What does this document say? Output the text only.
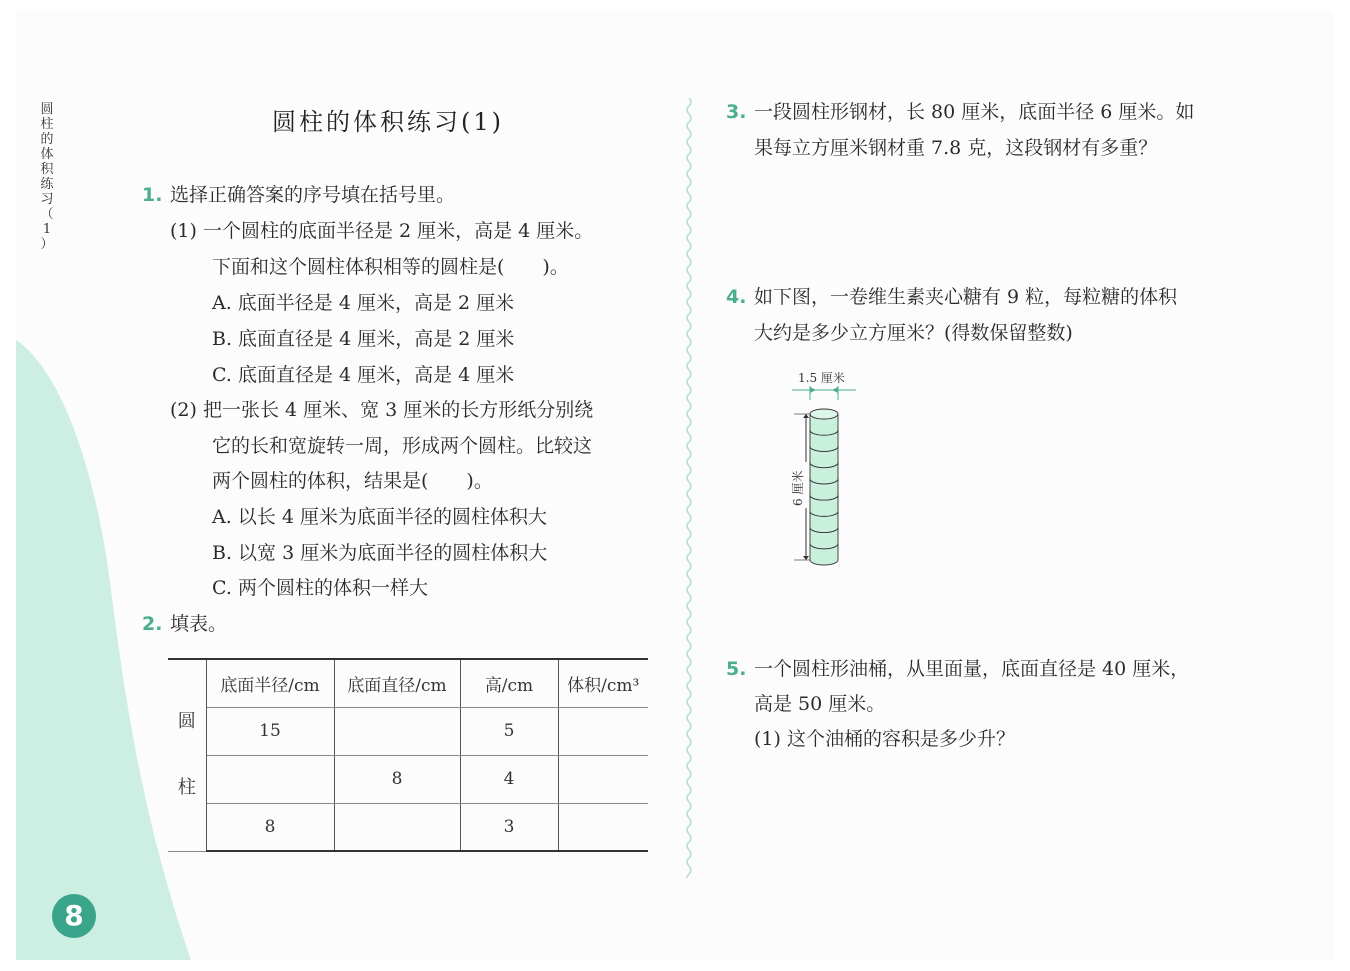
圆
柱
的
体
积
练
习
（
1
）
8
圆柱的体积练习(1)
1. 选择正确答案的序号填在括号里。
(1) 一个圆柱的底面半径是 2 厘米，高是 4 厘米。
下面和这个圆柱体积相等的圆柱是(　　)。
A. 底面半径是 4 厘米，高是 2 厘米
B. 底面直径是 4 厘米，高是 2 厘米
C. 底面直径是 4 厘米，高是 4 厘米
(2) 把一张长 4 厘米、宽 3 厘米的长方形纸分别绕
它的长和宽旋转一周，形成两个圆柱。比较这
两个圆柱的体积，结果是(　　)。
A. 以长 4 厘米为底面半径的圆柱体积大
B. 以宽 3 厘米为底面半径的圆柱体积大
C. 两个圆柱的体积一样大
2. 填表。
圆
柱	底面半径/cm	底面直径/cm	高/cm	体积/cm³
	15		5	
		8	4	
	8		3	
3. 一段圆柱形钢材，长 80 厘米，底面半径 6 厘米。如
果每立方厘米钢材重 7.8 克，这段钢材有多重？
4. 如下图，一卷维生素夹心糖有 9 粒，每粒糖的体积
大约是多少立方厘米？(得数保留整数)
1.5 厘米
6 厘米
5. 一个圆柱形油桶，从里面量，底面直径是 40 厘米，
高是 50 厘米。
(1) 这个油桶的容积是多少升？
